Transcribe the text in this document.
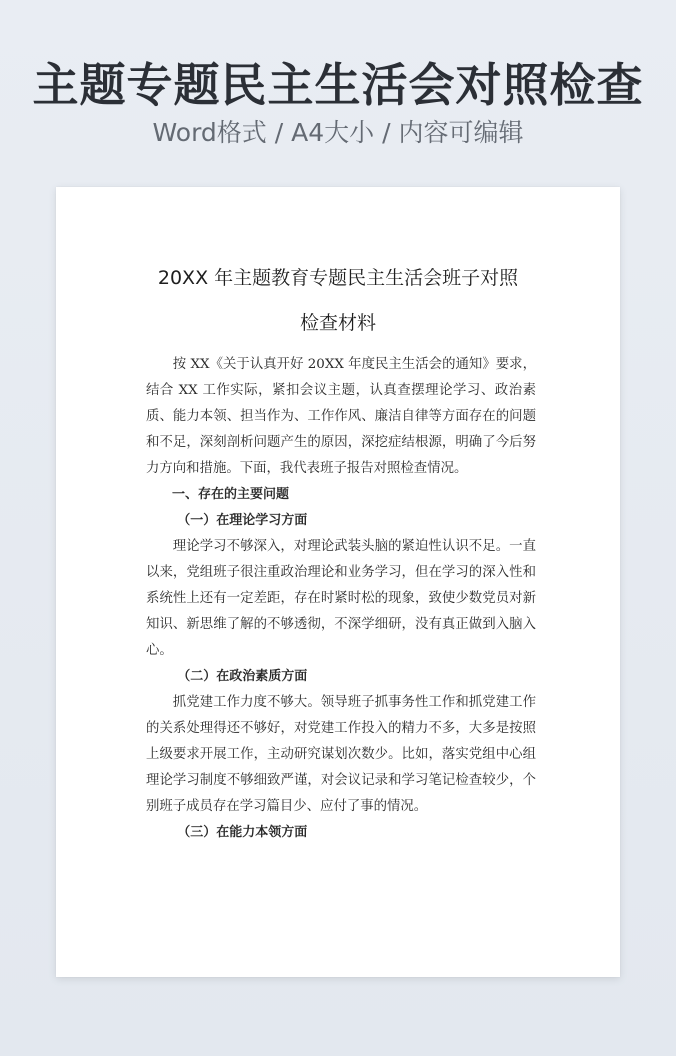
主题专题民主生活会对照检查
Word格式 / A4大小 / 内容可编辑
20XX 年主题教育专题民主生活会班子对照
检查材料

按 XX《关于认真开好 20XX 年度民主生活会的通知》要求，结合 XX 工作实际，紧扣会议主题，认真查摆理论学习、政治素质、能力本领、担当作为、工作作风、廉洁自律等方面存在的问题和不足，深刻剖析问题产生的原因，深挖症结根源，明确了今后努力方向和措施。下面，我代表班子报告对照检查情况。

一、存在的主要问题
（一）在理论学习方面

理论学习不够深入，对理论武装头脑的紧迫性认识不足。一直以来，党组班子很注重政治理论和业务学习，但在学习的深入性和系统性上还有一定差距，存在时紧时松的现象，致使少数党员对新知识、新思维了解的不够透彻，不深学细研，没有真正做到入脑入心。

（二）在政治素质方面

抓党建工作力度不够大。领导班子抓事务性工作和抓党建工作的关系处理得还不够好，对党建工作投入的精力不多，大多是按照上级要求开展工作，主动研究谋划次数少。比如，落实党组中心组理论学习制度不够细致严谨，对会议记录和学习笔记检查较少，个别班子成员存在学习篇目少、应付了事的情况。

（三）在能力本领方面
